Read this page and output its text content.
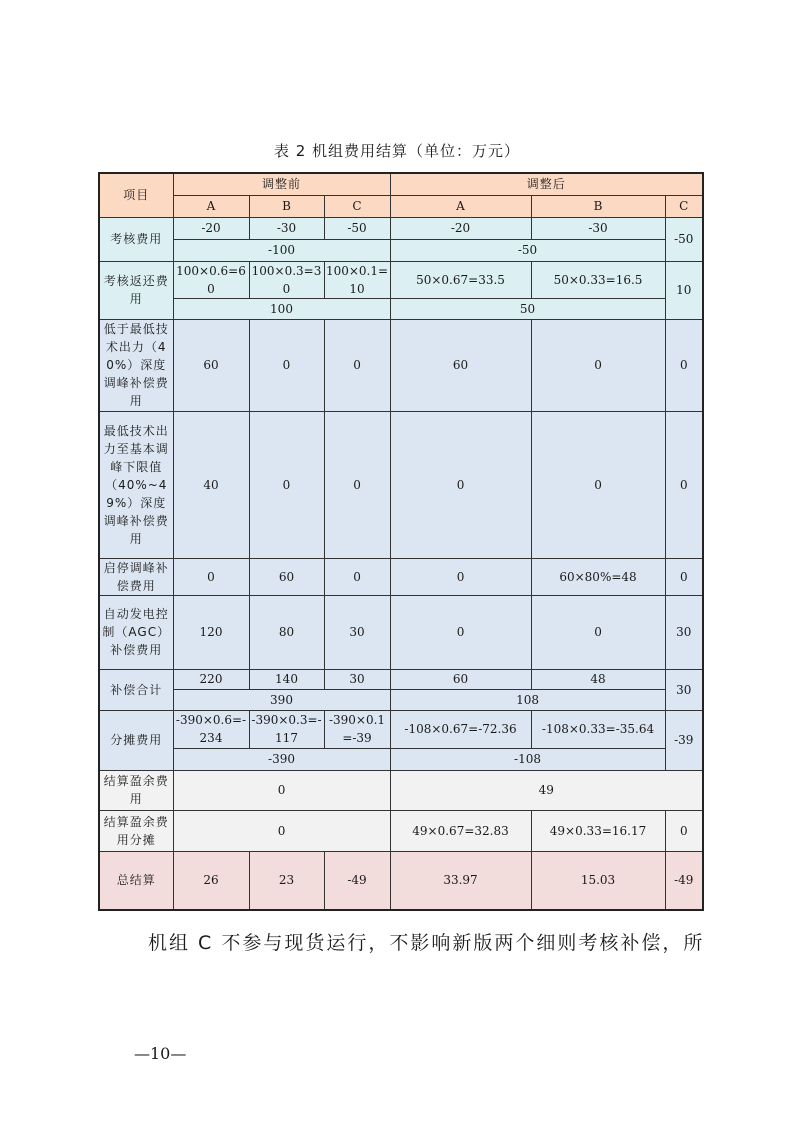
表 2 机组费用结算（单位：万元）
项目	调整前			调整后		
	A	B	C	A	B	C
考核费用	-20	-30	-50	-20	-30	-50
	-100			-50		
考核返还费用	100×0.6=60	100×0.3=30	100×0.1=10	50×0.67=33.5	50×0.33=16.5	10
	100			50		
低于最低技术出力（40%）深度调峰补偿费用	60	0	0	60	0	0
最低技术出力至基本调峰下限值（40%~49%）深度调峰补偿费用	40	0	0	0	0	0
启停调峰补偿费用	0	60	0	0	60×80%=48	0
自动发电控制（AGC）补偿费用	120	80	30	0	0	30
补偿合计	220	140	30	60	48	30
	390			108		
分摊费用	-390×0.6=-234	-390×0.3=-117	-390×0.1=-39	-108×0.67=-72.36	-108×0.33=-35.64	-39
	-390			-108		
结算盈余费用	0			49		
结算盈余费用分摊	0			49×0.67=32.83	49×0.33=16.17	0
总结算	26	23	-49	33.97	15.03	-49
机组 C 不参与现货运行，不影响新版两个细则考核补偿，所
—10—
